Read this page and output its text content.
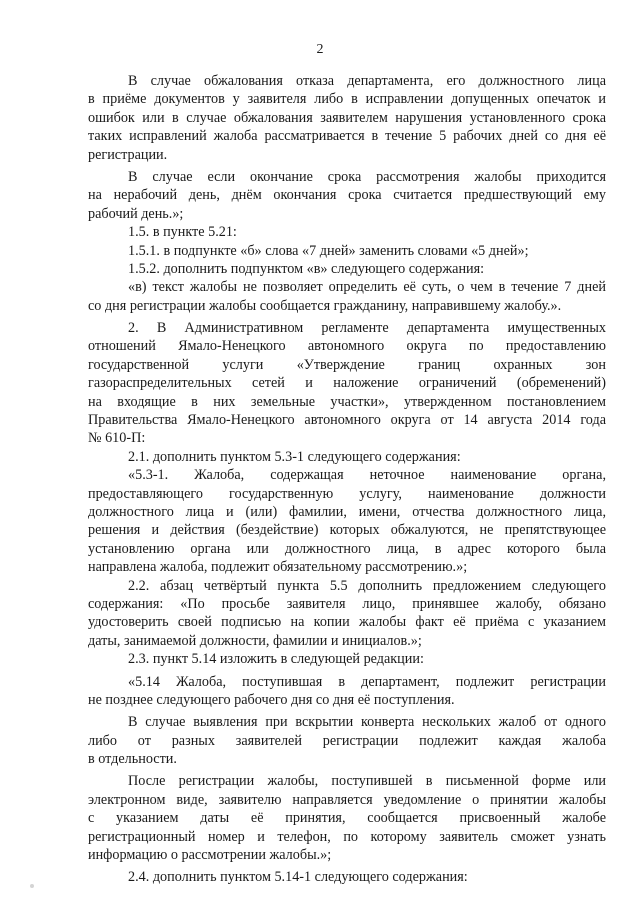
2
В случае обжалования отказа департамента, его должностного лица
в приёме документов у заявителя либо в исправлении допущенных опечаток и
ошибок или в случае обжалования заявителем нарушения установленного срока
таких исправлений жалоба рассматривается в течение 5 рабочих дней со дня её
регистрации.
В случае если окончание срока рассмотрения жалобы приходится
на нерабочий день, днём окончания срока считается предшествующий ему
рабочий день.»;
1.5. в пункте 5.21:
1.5.1. в подпункте «б» слова «7 дней» заменить словами «5 дней»;
1.5.2. дополнить подпунктом «в» следующего содержания:
«в) текст жалобы не позволяет определить её суть, о чем в течение 7 дней
со дня регистрации жалобы сообщается гражданину, направившему жалобу.».
2. В Административном регламенте департамента имущественных
отношений Ямало-Ненецкого автономного округа по предоставлению
государственной услуги «Утверждение границ охранных зон
газораспределительных сетей и наложение ограничений (обременений)
на входящие в них земельные участки», утвержденном постановлением
Правительства Ямало-Ненецкого автономного округа от 14 августа 2014 года
№ 610-П:
2.1. дополнить пунктом 5.3-1 следующего содержания:
«5.3-1. Жалоба, содержащая неточное наименование органа,
предоставляющего государственную услугу, наименование должности
должностного лица и (или) фамилии, имени, отчества должностного лица,
решения и действия (бездействие) которых обжалуются, не препятствующее
установлению органа или должностного лица, в адрес которого была
направлена жалоба, подлежит обязательному рассмотрению.»;
2.2. абзац четвёртый пункта 5.5 дополнить предложением следующего
содержания: «По просьбе заявителя лицо, принявшее жалобу, обязано
удостоверить своей подписью на копии жалобы факт её приёма с указанием
даты, занимаемой должности, фамилии и инициалов.»;
2.3. пункт 5.14 изложить в следующей редакции:
«5.14 Жалоба, поступившая в департамент, подлежит регистрации
не позднее следующего рабочего дня со дня её поступления.
В случае выявления при вскрытии конверта нескольких жалоб от одного
либо от разных заявителей регистрации подлежит каждая жалоба
в отдельности.
После регистрации жалобы, поступившей в письменной форме или
электронном виде, заявителю направляется уведомление о принятии жалобы
с указанием даты её принятия, сообщается присвоенный жалобе
регистрационный номер и телефон, по которому заявитель сможет узнать
информацию о рассмотрении жалобы.»;
2.4. дополнить пунктом 5.14-1 следующего содержания:
